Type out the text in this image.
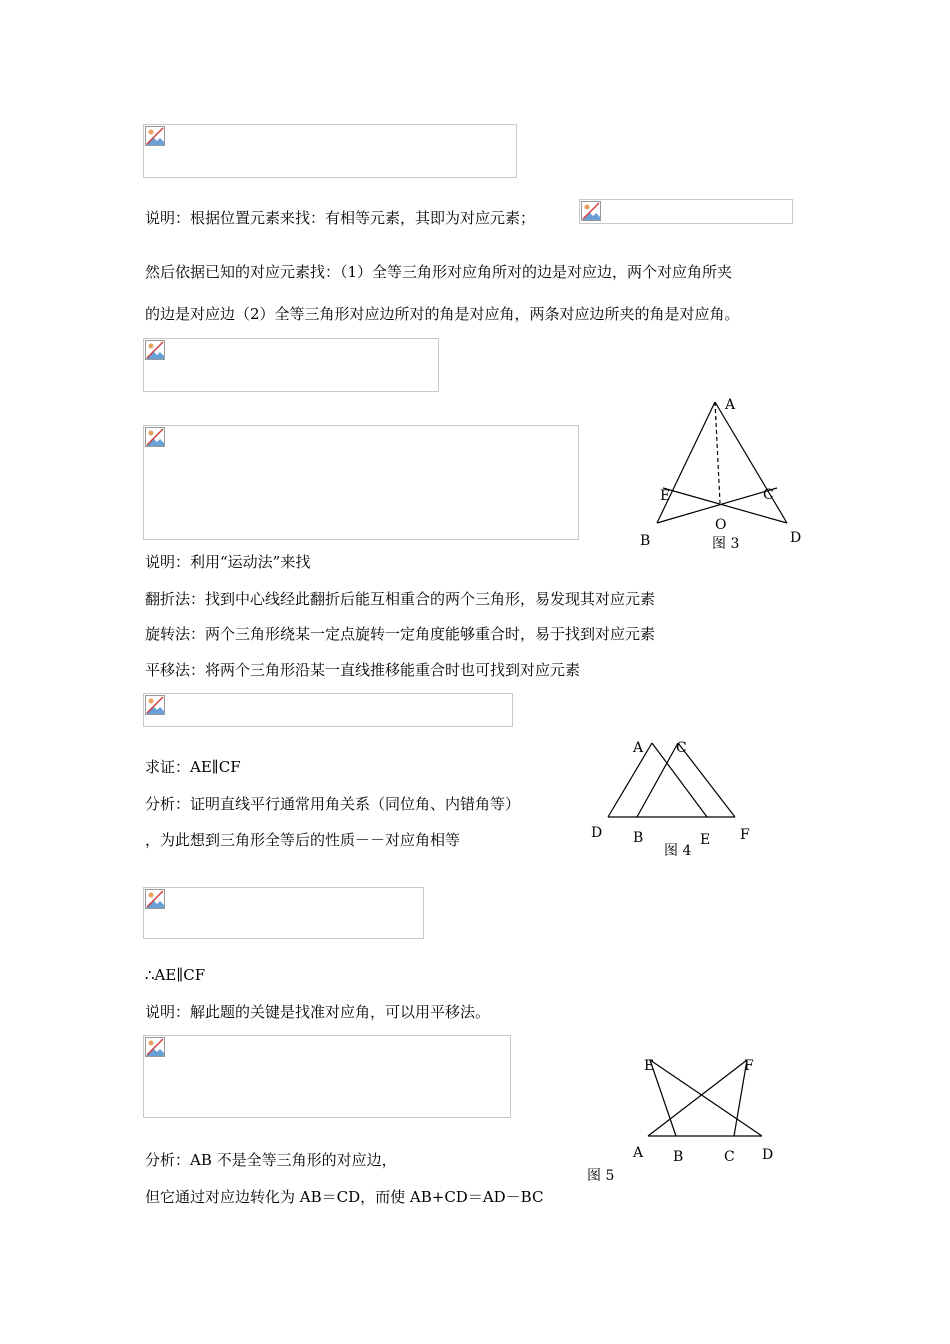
说明：根据位置元素来找：有相等元素，其即为对应元素；
然后依据已知的对应元素找：（1）全等三角形对应角所对的边是对应边，两个对应角所夹
的边是对应边（2）全等三角形对应边所对的角是对应角，两条对应边所夹的角是对应角。
A
E	C
O
B	D
图 3
说明：利用“运动法”来找
翻折法：找到中心线经此翻折后能互相重合的两个三角形，易发现其对应元素
旋转法：两个三角形绕某一定点旋转一定角度能够重合时，易于找到对应元素
平移法：将两个三角形沿某一直线推移能重合时也可找到对应元素
A C
D B	E F
图 4
求证：AE∥CF
分析：证明直线平行通常用角关系（同位角、内错角等）
，为此想到三角形全等后的性质－－对应角相等
∴AE∥CF
说明：解此题的关键是找准对应角，可以用平移法。
E	F
A B	C D
图 5
分析：AB 不是全等三角形的对应边，
但它通过对应边转化为 AB＝CD，而使 AB+CD＝AD－BC
